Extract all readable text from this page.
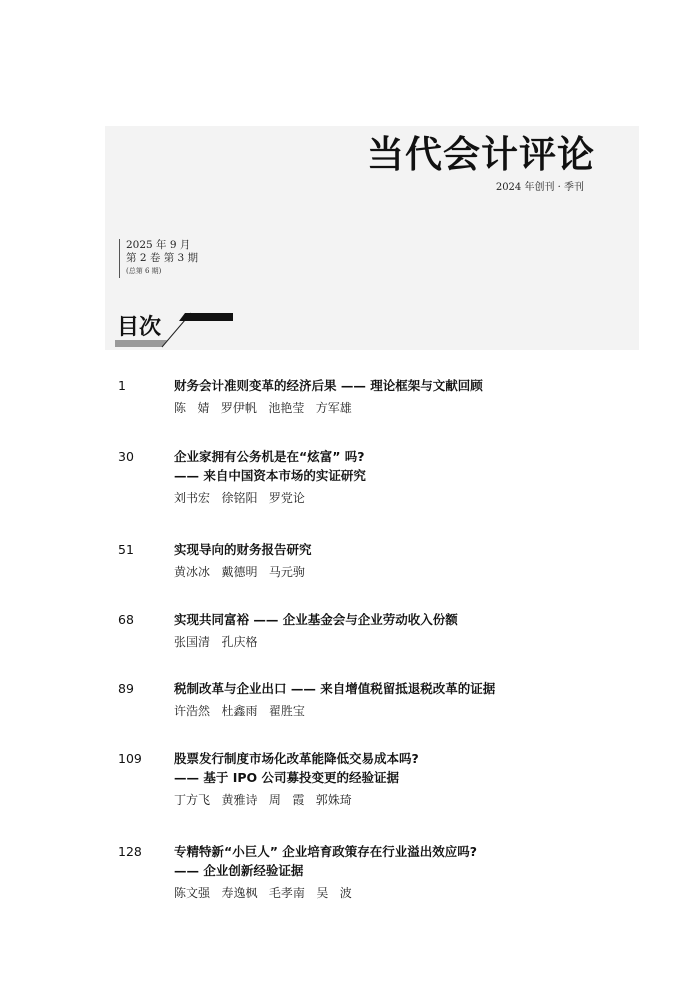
当代会计评论
2024 年创刊 · 季刊
2025 年 9 月
第 2 卷 第 3 期
(总第 6 期)
目次
1	财务会计准则变革的经济后果 —— 理论框架与文献回顾
陈   婧   罗伊帆   池艳莹   方军雄
30	企业家拥有公务机是在“炫富” 吗?
—— 来自中国资本市场的实证研究
刘书宏   徐铭阳   罗党论
51	实现导向的财务报告研究
黄冰冰   戴德明   马元驹
68	实现共同富裕 —— 企业基金会与企业劳动收入份额
张国清   孔庆格
89	税制改革与企业出口 —— 来自增值税留抵退税改革的证据
许浩然   杜鑫雨   翟胜宝
109	股票发行制度市场化改革能降低交易成本吗?
—— 基于 IPO 公司募投变更的经验证据
丁方飞   黄雅诗   周   霞   郭姝琦
128	专精特新“小巨人” 企业培育政策存在行业溢出效应吗?
—— 企业创新经验证据
陈文强   寿逸枫   毛孝南   吴   波
